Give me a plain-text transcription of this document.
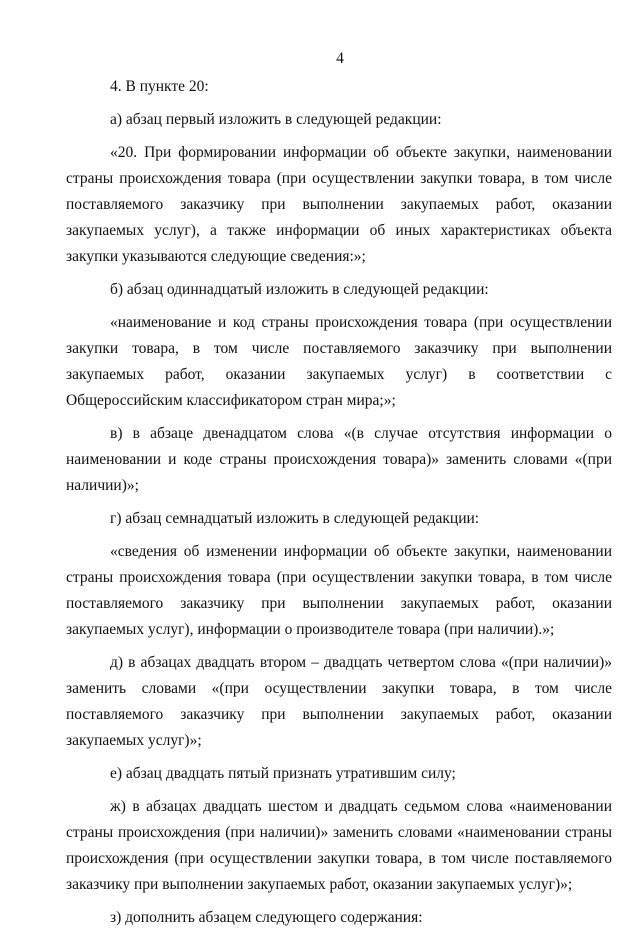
4

4. В пункте 20:

а) абзац первый изложить в следующей редакции:

«20. При формировании информации об объекте закупки, наименовании страны происхождения товара (при осуществлении закупки товара, в том числе поставляемого заказчику при выполнении закупаемых работ, оказании закупаемых услуг), а также информации об иных характеристиках объекта закупки указываются следующие сведения:»;

б) абзац одиннадцатый изложить в следующей редакции:

«наименование и код страны происхождения товара (при осуществлении закупки товара, в том числе поставляемого заказчику при выполнении закупаемых работ, оказании закупаемых услуг) в соответствии с Общероссийским классификатором стран мира;»;

в) в абзаце двенадцатом слова «(в случае отсутствия информации о наименовании и коде страны происхождения товара)» заменить словами «(при наличии)»;

г) абзац семнадцатый изложить в следующей редакции:

«сведения об изменении информации об объекте закупки, наименовании страны происхождения товара (при осуществлении закупки товара, в том числе поставляемого заказчику при выполнении закупаемых работ, оказании закупаемых услуг), информации о производителе товара (при наличии).»;

д) в абзацах двадцать втором – двадцать четвертом слова «(при наличии)» заменить словами «(при осуществлении закупки товара, в том числе поставляемого заказчику при выполнении закупаемых работ, оказании закупаемых услуг)»;

е) абзац двадцать пятый признать утратившим силу;

ж) в абзацах двадцать шестом и двадцать седьмом слова «наименовании страны происхождения (при наличии)» заменить словами «наименовании страны происхождения (при осуществлении закупки товара, в том числе поставляемого заказчику при выполнении закупаемых работ, оказании закупаемых услуг)»;

з) дополнить абзацем следующего содержания:
